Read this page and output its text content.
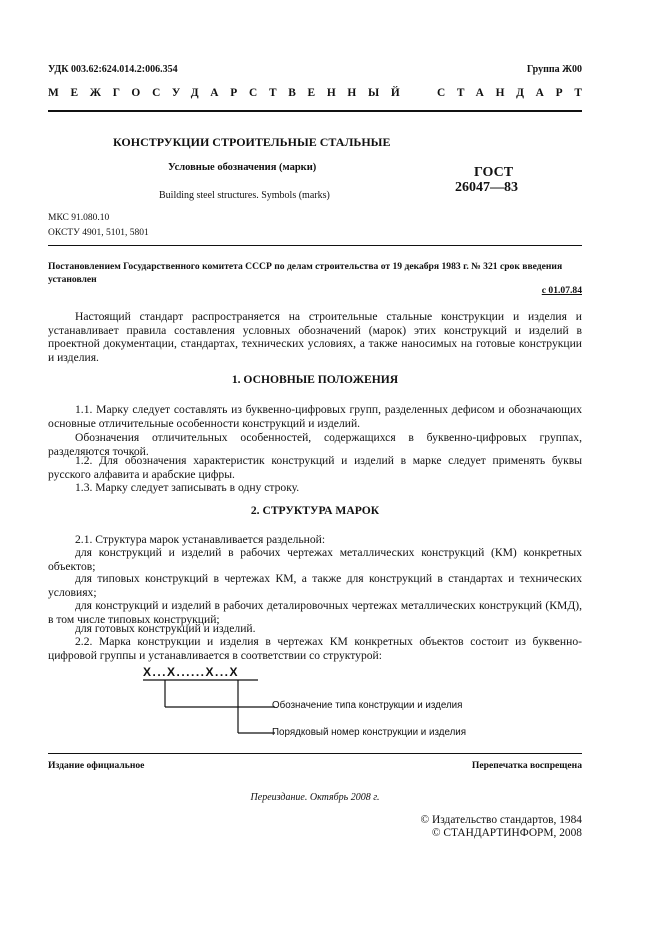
УДК 003.62:624.014.2:006.354	Группа Ж00
МЕЖГОСУДАРСТВЕННЫЙ СТАНДАРТ
КОНСТРУКЦИИ СТРОИТЕЛЬНЫЕ СТАЛЬНЫЕ
Условные обозначения (марки)
Building steel structures. Symbols (marks)
ГОСТ
26047—83
МКС 91.080.10
ОКСТУ 4901, 5101, 5801
Постановлением Государственного комитета СССР по делам строительства от 19 декабря 1983 г. № 321 срок введения установлен
с 01.07.84

Настоящий стандарт распространяется на строительные стальные конструкции и изделия и устанавливает правила составления условных обозначений (марок) этих конструкций и изделий в проектной документации, стандартах, технических условиях, а также наносимых на готовые конструкции и изделия.

1. ОСНОВНЫЕ ПОЛОЖЕНИЯ

1.1. Марку следует составлять из буквенно-цифровых групп, разделенных дефисом и обозначающих основные отличительные особенности конструкций и изделий.

Обозначения отличительных особенностей, содержащихся в буквенно-цифровых группах, разделяются точкой.

1.2. Для обозначения характеристик конструкций и изделий в марке следует применять буквы русского алфавита и арабские цифры.

1.3. Марку следует записывать в одну строку.

2. СТРУКТУРА МАРОК

2.1. Структура марок устанавливается раздельной:

для конструкций и изделий в рабочих чертежах металлических конструкций (КМ) конкретных объектов;

для типовых конструкций в чертежах КМ, а также для конструкций в стандартах и технических условиях;

для конструкций и изделий в рабочих деталировочных чертежах металлических конструкций (КМД), в том числе типовых конструкций;

для готовых конструкций и изделий.

2.2. Марка конструкции и изделия в чертежах КМ конкретных объектов состоит из буквенно-цифровой группы и устанавливается в соответствии со структурой:

X...X......X...X
Обозначение типа конструкции и изделия
Порядковый номер конструкции и изделия
Издание официальное	Перепечатка воспрещена
Переиздание. Октябрь 2008 г.
© Издательство стандартов, 1984
© СТАНДАРТИНФОРМ, 2008
